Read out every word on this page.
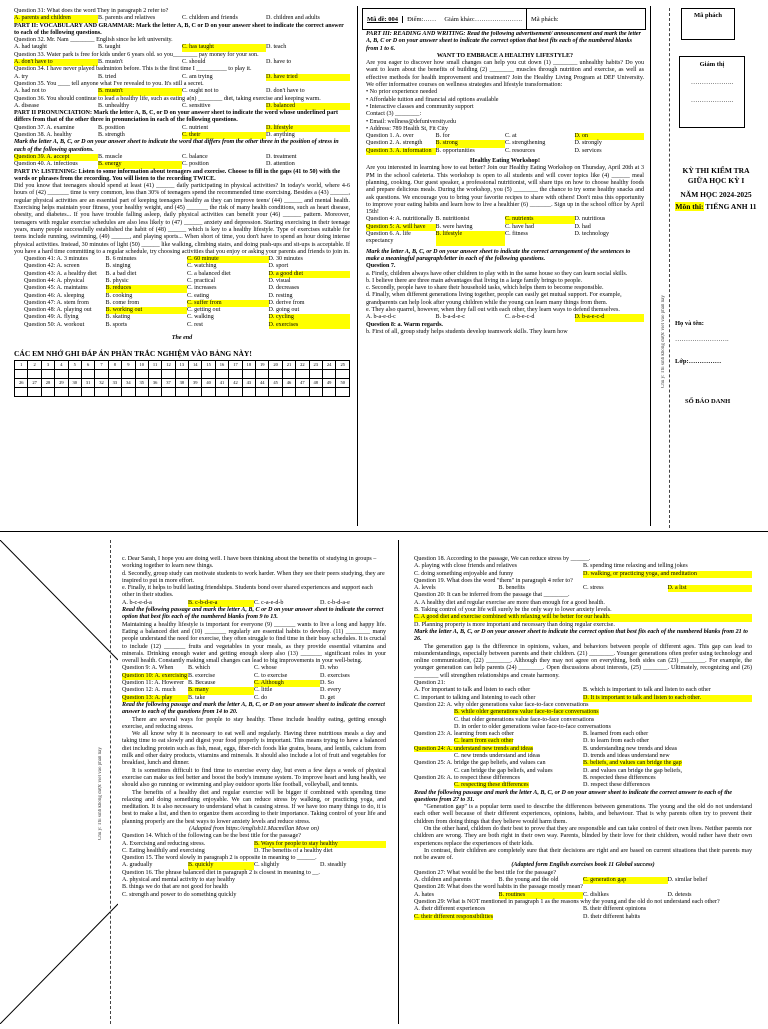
Question 31: What does the word They in paragraph 2 refer to?

A. parents and children	B. parents and relatives	C. children and friends	D. children and adults

PART II: VOCABULARY AND GRAMMAR: Mark the letter A, B, C or D on your answer sheet to indicate the correct answer to each of the following questions.

Question 32. Mr. Nam ________ English since he left university.

A. had taught	B. taught	C. has taught	D. teach

Question 33. Water park is free for kids under 6 years old. so you________ pay money for your son.

A. don't have to	B. mustn't	C. should	D. have to

Question 34. I have never played badminton before. This is the first time I __________ to play it.

A. try	B. tried	C. am trying	D. have tried

Question 35. You ____ tell anyone what I've revealed to you. It's still a secret.

A. had not to	B. mustn't	C. ought not to	D. don't have to

Question 36. You should continue to lead a healthy life, such as eating a(n) ________ diet, taking exercise and keeping warm.

A. disease	B. unhealthy	C. sensitive	D. balanced

PART II PRONUNCIATION: Mark the letter A, B, C, or D on your answer sheet to indicate the word whose underlined part differs from that of the other three in pronunciation in each of the following questions.

Question 37. A. examine	B. position	C. nutrient	D. lifestyle
Question 38. A. healthy	B. strength	C. their	D. anything

Mark the letter A, B, C, or D on your answer sheet to indicate the word that differs from the other three in the position of stress in each of the following questions.

Question 39. A. accept	B. muscle	C. balance	D. treatment
Question 40. A. infectious	B. energy	C. position	D. attention

PART IV: LISTENING: Listen to some information about teenagers and exercise. Choose to fill in the gaps (41 to 50) with the words or phrases from the recording. You will listen to the recording TWICE.

Did you know that teenagers should spend at least (41) ______ daily participating in physical activities? In today's world, where 4-6 hours of (42) _______ time is very common, less than 30% of teenagers spend the recommended time exercising. Besides a (43) ______, regular physical activities are an essential part of keeping teenagers healthy as they can improve teens' (44) ______ and mental health. Exercising helps maintain your fitness, your healthy weight, and (45) _______ the risk of many health conditions, such as heart disease, obesity, and diabetes... If you have trouble falling asleep, daily physical activities can benefit your (46) ______ pattern. Moreover, teenagers with regular exercise schedules are also less likely to (47) ______ anxiety and depression. Starting exercising in their teenage years, many people successfully established the habit of (48) ______ which is key to a healthy lifestyle. Type of exercises suitable for teens include running, swimming, (49) ______, and playing sports... When short of time, you don't have to spend an hour doing intense physical activities. Instead, 30 minutes of light (50) ______ like walking, climbing stairs, and doing push-ups and sit-ups is acceptable. If you have a hard time committing to a regular schedule, try choosing activities that you enjoy or asking your parents and friends to join in.

Question 41: A. 3 minutes	B. 6 minutes	C. 60 minute	D. 30 minutes
Question 42: A. screen	B. singing	C. watching	D. sport
Question 43: A. a healthy diet	B. a bad diet	C. a balanced diet	D. a good diet
Question 44: A. physical	B. physic	C. practical	D. visual
Question 45: A. maintains	B. reduces	C. increases	D. decreases
Question 46: A. sleeping	B. cooking	C. eating	D. resting
Question 47: A. stem from	B. come from	C. suffer from	D. derive from
Question 48: A. playing out	B. working out	C. getting out	D. going out
Question 49: A. flying	B. skating	C. walking	D. cycling
Question 50: A. workout	B. sports	C. rest	D. exercises

The end

CÁC EM NHỚ GHI ĐÁP ÁN PHẦN TRẮC NGHIỆM VÀO BẢNG NÀY!

1	2	3	4	5	6	7	8	9	10	11	12	13	14	15	16	17	18	19	20	21	22	23	24	25

26	27	28	29	30	31	32	33	34	35	36	37	38	39	40	41	42	43	44	45	46	47	48	49	50

Mã đề: 004	Điểm:……	Giám khảo:………………….	Mã phách:

PART III: READING AND WRITING: Read the following advertisement/ announcement and mark the letter A, B, C or D on your answer sheet to indicate the correct option that best fits each of the numbered blanks from 1 to 6.

WANT TO EMBRACE A HEALTHY LIFESTYLE?

Are you eager to discover how small changes can help you cut down (1) ________ unhealthy habits? Do you want to learn about the benefits of building (2) ________ muscles through nutrition and exercise, as well as effective methods for health improvement and treatment? Join the Healthy Living Program at DEF University. We offer informative courses on wellness strategies and lifestyle transformation:

• No prior experience needed

• Affordable tuition and financial aid options available

• Interactive classes and community support

Contact (3) ________:

• Email: wellness@defuniversity.edu

• Address: 789 Health St, Fit City

Question 1. A. over	B. for	C. at	D. on
Question 2. A. strength	B. strong	C. strengthening	D. strongly
Question 3. A. information B. opportunities	C. resources	D. services

Healthy Eating Workshop!

Are you interested in learning how to eat better? Join our Healthy Eating Workshop on Thursday, April 20th at 3 PM in the school cafeteria. This workshop is open to all students and will cover topics like (4) ______ meal planning, cooking. Our guest speaker, a professional nutritionist, will share tips on how to choose healthy foods and prepare delicious meals. During the workshop, you (5) ________ the chance to try some healthy snacks and ask questions. We encourage you to bring your favorite recipes to share with others! Don't miss this opportunity to improve your eating habits and learn how to live a healthier (6) _______. Sign up in the school office by April 15th!

Question 4: A. nutritionally B. nutritionist	C. nutrients	D. nutritious
Question 5: A. will have	B. were having	C. have had	D. had
Question 6. A. life expectancy
B. lifestyle	C. fitness	D. technology

Mark the letter A, B, C, or D on your answer sheet to indicate the correct arrangement of the sentences to make a meaningful paragraph/letter in each of the following questions.

Question 7.

a. Firstly, children always have other children to play with in the same house so they can learn social skills.

b. I believe there are three main advantages that living in a large family brings to people.

c. Secondly, people have to share their household tasks, which helps them to become responsible.

d. Finally, when different generations living together, people can easily get mutual support. For example, grandparents can help look after young children while the young can learn many things from them.

e. They also quarrel, however, when they fall out with each other, they learn ways to defend themselves.

A. b-a-e-d-c	B. b-a-d-e-c	C. a-b-e-c-d	D. b-a-e-c-d

Question 8: a. Warm regards.

b. First of all, group study helps students develop teamwork skills. They learn how

Mã phách

Giám thị

………………..

………………..

KỲ THI KIỂM TRA GIỮA HỌC KỲ I

NĂM HỌC 2024-2025

Môn thi: TIẾNG ANH 11

Họ và tên:

…………………….

Lớp:……………

SỐ BÁO DANH

Chú ý: Thí sinh không được viết vào phần này
Chú ý: Thí sinh không được viết vào phần này

c. Dear Sarah, I hope you are doing well. I have been thinking about the benefits of studying in groups – working together to learn new things.

d. Secondly, group study can motivate students to work harder. When they see their peers studying, they are inspired to put in more effort.

e. Finally, it helps to build lasting friendships. Students bond over shared experiences and support each other in their studies.

A. b-c-e-d-a	B. c-b-d-e-a	C. c-a-e-d-b	D. c-b-d-a-e

Read the following passage and mark the letter A, B, C or D on your answer sheet to indicate the correct option that best fits each of the numbered blanks from 9 to 13.

Maintaining a healthy lifestyle is important for everyone (9) _______ wants to live a long and happy life. Eating a balanced diet and (10) _______ regularly are essential habits to develop. (11) ________ many people understand the need for exercise, they often struggle to find time in their busy schedules. It is crucial to include (12) _______ fruits and vegetables in your meals, as they provide essential vitamins and minerals. Drinking enough water and getting enough sleep also (13) _______ significant roles in your overall health. Constantly making small changes can lead to big improvements in your well-being.

Question 9: A. When	B. which	C. whose	D. who
Question 10: A. exercising B. exercise	C. to exercise	D. exercises
Question 11: A. However B. Because	C. Although	D. So
Question 12: A. much	B. many	C. little	D. every
Question 13: A. play	B. take	C. do	D. get

Read the following passage and mark the letter A, B, C, or D on your answer sheet to indicate the correct answer to each of the questions from 14 to 20.

There are several ways for people to stay healthy. These include healthy eating, getting enough exercise, and reducing stress.

We all know why it is necessary to eat well and regularly. Having three nutritious meals a day and taking time to eat slowly and digest your food properly is important. This means trying to have a balanced diet including protein such as fish, meat, eggs, fiber-rich foods like grains, beans, and lentils, calcium from milk and other dairy products, vitamins and minerals. It should also include a lot of fruit and vegetables for breakfast, lunch and dinner.

It is sometimes difficult to find time to exercise every day, but even a few days a week of physical exercise can make us feel better and boost the body's immune system. To improve heart and lung health, we should also go running or swimming and play outdoor sports like football, volleyball, and tennis.

The benefits of a healthy diet and regular exercise will be bigger if combined with spending time relaxing and doing something enjoyable. We can reduce stress by walking, or practicing yoga, and meditation. It is also necessary to understand what is causing stress. If we have too many things to do, it is best to make a list, and then to organize them according to their importance. Taking control of your life and planning properly are the best ways to lower anxiety levels and reduce stress.

(Adapted from https://english11.Macmillan Move on)

Question 14. Which of the following can be the best title for the passage?

A. Exercising and reducing stress.	B. Ways for people to stay healthy
C. Eating healthily and exercising	D. The benefits of a healthy diet

Question 15. The word slowly in paragraph 2 is opposite in meaning to ______.

A. gradually	B. quickly	C. slightly	D. steadily

Question 16. The phrase balanced diet in paragraph 2 is closest in meaning to __.

A. physical and mental activity to stay healthy

B. things we do that are not good for health

C. strength and power to do something quickly

Question 18. According to the passage, We can reduce stress by ______.

A. playing with close friends and relatives	B. spending time relaxing and telling jokes
C. doing something enjoyable and funny	D. walking, or practicing yoga, and meditation

Question 19. What does the word "them" in paragraph 4 refer to?

A. levels	B. benefits	C. stress	D. a list

Question 20: It can be inferred from the passage that ________.

A. A healthy diet and regular exercise are more than enough for a good health.

B. Taking control of your life will surely be the only way to lower anxiety levels.

C. A good diet and exercise combined with relaxing will be better for our health.

D. Planning property is more important and necessary than doing regular exercise.

Mark the letter A, B, C, or D on your answer sheet to indicate the correct option that best fits each of the numbered blanks from 21 to 26.

The generation gap is the difference in opinions, values, and behaviors between people of different ages. This gap can lead to misunderstandings, especially between parents and their children. (21) ________. Younger generations often prefer using technology and online communication, (22) ________. Although they may not agree on everything, both sides can (23) ________. For example, the younger generation can help parents (24) ________. Open discussions about interests, (25) ________. Ultimately, recognizing and (26) ________ will strengthen relationships and create harmony.

Question 21:

A. For important to talk and listen to each other	B. which is important to talk and listen to each other
C. important to talking and listening to each other	D. It is important to talk and listen to each other.

Question 22: A. why older generations value face-to-face conversations

B. while older generations value face-to-face conversations

C. that older generations value face-to-face conversations

D. in order to older generations value face-to-face conversations

Question 23: A. learning from each other	B. learned from each other
C. learn from each other	D. to learn from each other
Question 24: A. understand new trends and ideas	B. understanding new trends and ideas
C. new trends understand and ideas	D. trends and ideas understand new
Question 25: A. bridge the gap beliefs, and values can	B. beliefs, and values can bridge the gap
C. can bridge the gap beliefs, and values	D. and values can bridge the gap beliefs,
Question 26: A. to respect these differences	B. respected these differences
C. respecting these differences	D. respect these differences

Read the following passage and mark the letter A, B, C, or D on your answer sheet to indicate the correct answer to each of the questions from 27 to 31.

"Generation gap" is a popular term used to describe the differences between generations. The young and the old do not understand each other well because of their different experiences, opinions, habits, and behaviour. That is why parents often try to prevent their children from doing things that they believe would harm them.

On the other hand, children do their best to prove that they are responsible and can take control of their own lives. Neither parents nor children are wrong. They are both right in their own way. Parents, blinded by their love for their children, would rather have their own experiences replace the experiences of their kids.

In contrast, their children are completely sure that their decisions are right and are based on current situations that their parents may not be aware of.

(Adapted form English exercises book 11 Global success)

Question 27: What would be the best title for the passage?

A. children and parents	B. the young and the old	C. generation gap	D. similar belief

Question 28: What does the word habits in the passage mostly mean?

A. hates	B. routines	C. dislikes	D. detests

Question 29: What is NOT mentioned in paragraph 1 as the reasons why the young and the old do not understand each other?

A. their different experiences	B. their different opinions
C. their different responsibilities	D. their different habits
